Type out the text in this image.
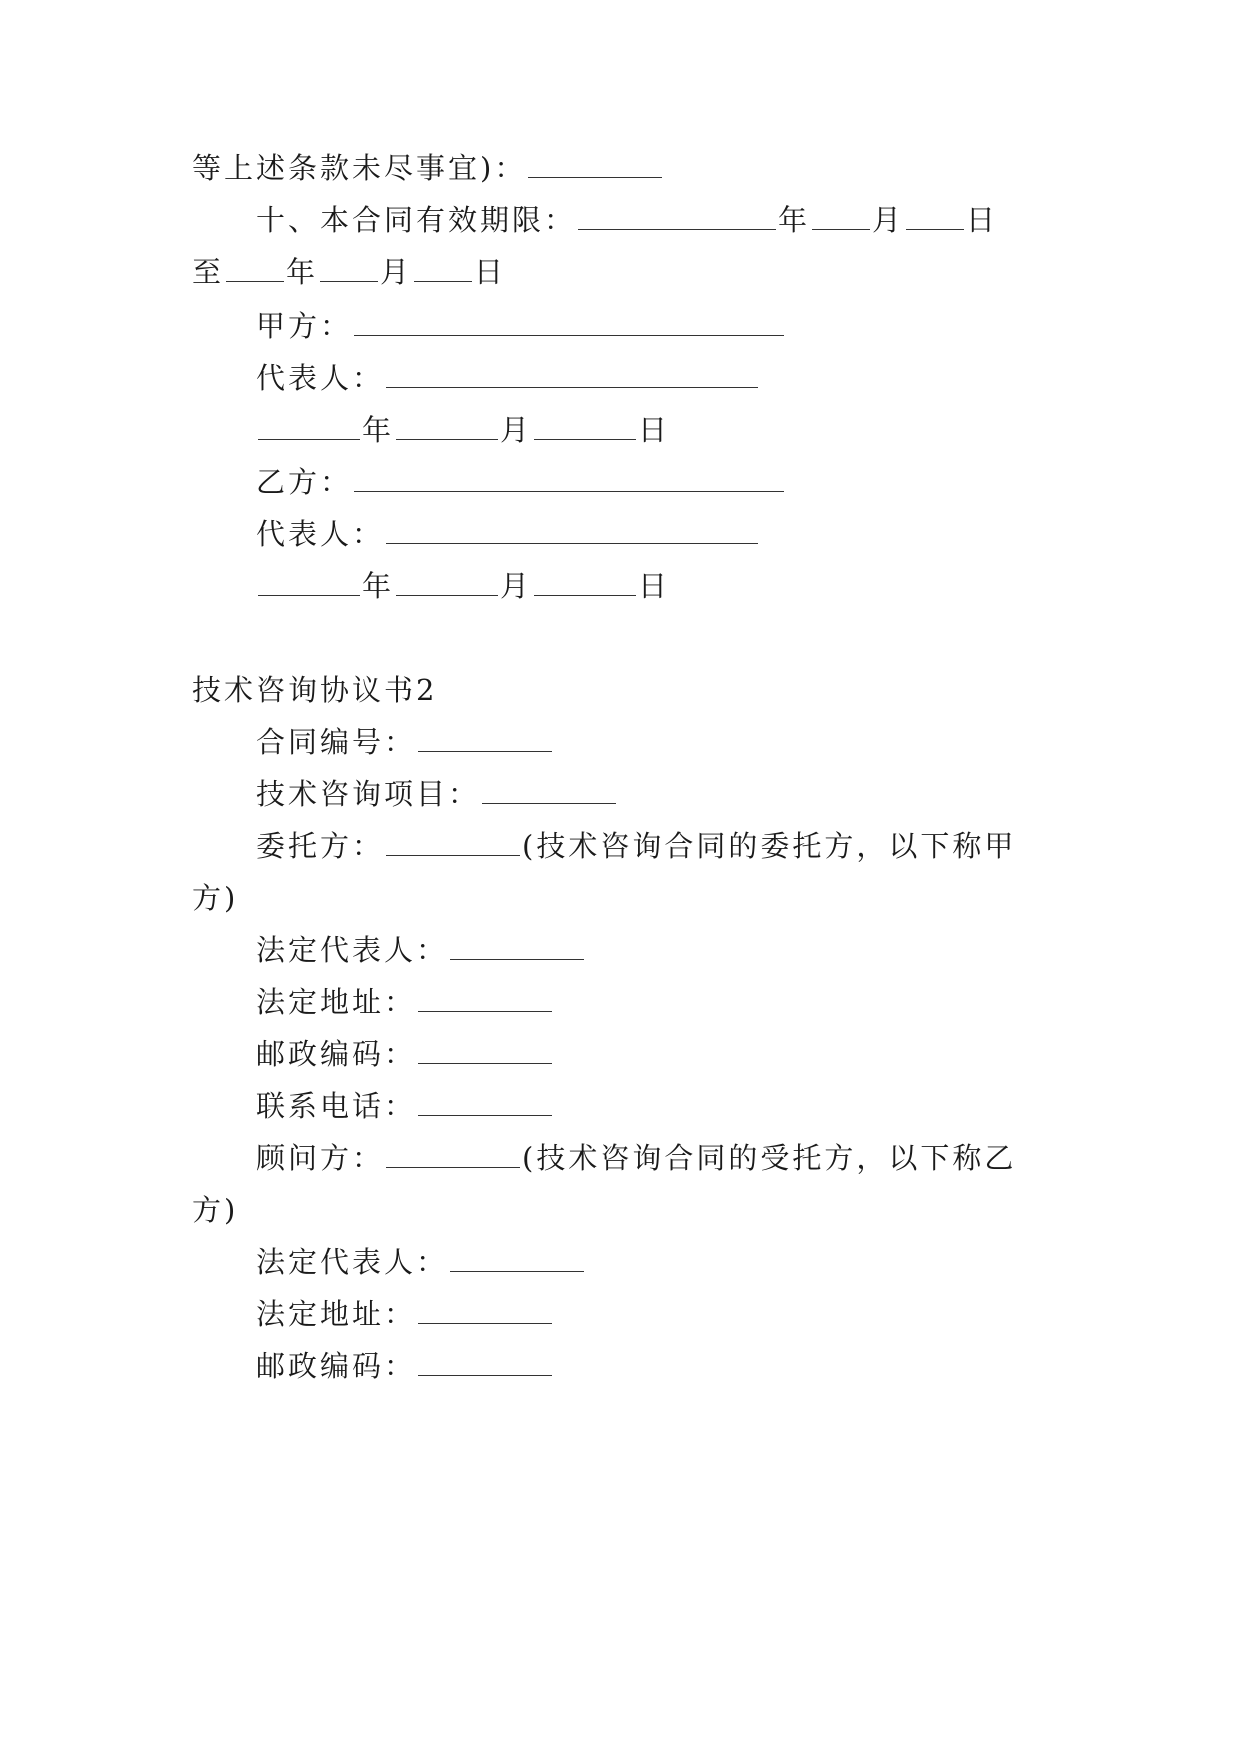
等上述条款未尽事宜)：
十、本合同有效期限：	年 月 日
至 年 月 日
甲方：
代表人：
年	月	日
乙方：
代表人：
年	月	日
技术咨询协议书2
合同编号：
技术咨询项目：
委托方：	(技术咨询合同的委托方，以下称甲
方)
法定代表人：
法定地址：
邮政编码：
联系电话：
顾问方：	(技术咨询合同的受托方，以下称乙
方)
法定代表人：
法定地址：
邮政编码：
